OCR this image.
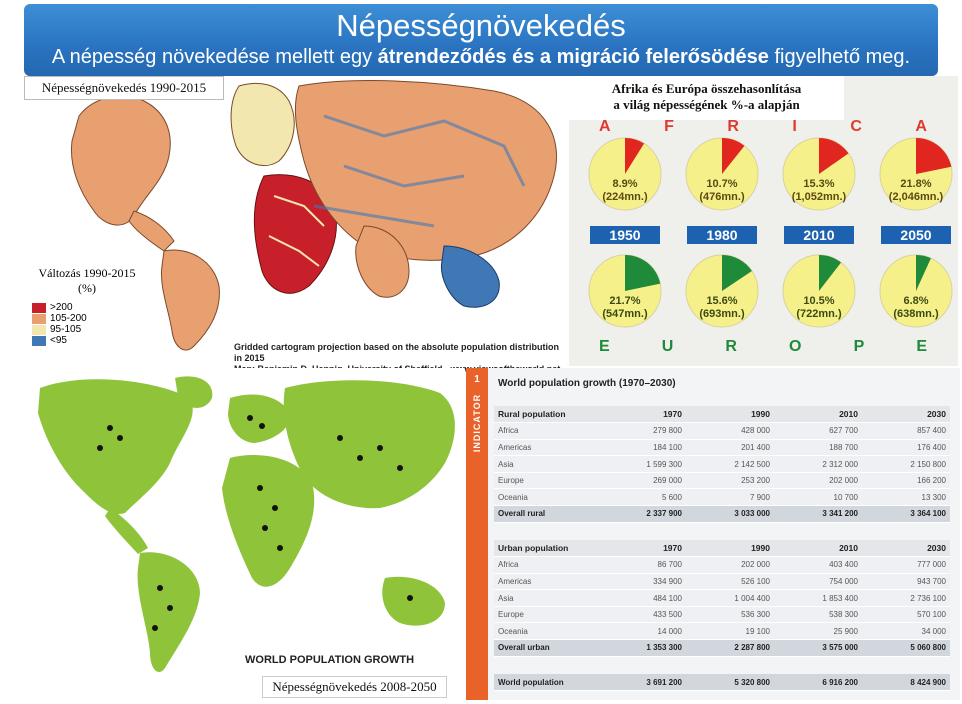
Népességnövekedés
A népesség növekedése mellett egy átrendeződés és a migráció felerősödése figyelhető meg.
Népességnövekedés 1990-2015
Változás 1990-2015 (%)
>200
105-200
95-105
<95
Gridded cartogram projection based on the absolute population distribution in 2015
Afrika és Európa összehasonlítása
a világ népességének %-a alapján
A	F	R	I	C	A
E	U	R	O	P	E
8.9%
(224mn.)
10.7%
(476mn.)
15.3%
(1,052mn.)
21.8%
(2,046mn.)
1950	1980	2010	2050
21.7%
(547mn.)
15.6%
(693mn.)
10.5%
(722mn.)
6.8%
(638mn.)
WORLD POPULATION GROWTH
Népességnövekedés 2008-2050
1
INDICATOR
World population growth (1970–2030)
Rural population	1970	1990	2010	2030
Africa	279 800	428 000	627 700	857 400
Americas	184 100	201 400	188 700	176 400
Asia	1 599 300	2 142 500	2 312 000	2 150 800
Europe	269 000	253 200	202 000	166 200
Oceania	5 600	7 900	10 700	13 300
Overall rural	2 337 900	3 033 000	3 341 200	3 364 100
Urban population	1970	1990	2010	2030
Africa	86 700	202 000	403 400	777 000
Americas	334 900	526 100	754 000	943 700
Asia	484 100	1 004 400	1 853 400	2 736 100
Europe	433 500	536 300	538 300	570 100
Oceania	14 000	19 100	25 900	34 000
Overall urban	1 353 300	2 287 800	3 575 000	5 060 800
World population	3 691 200	5 320 800	6 916 200	8 424 900
